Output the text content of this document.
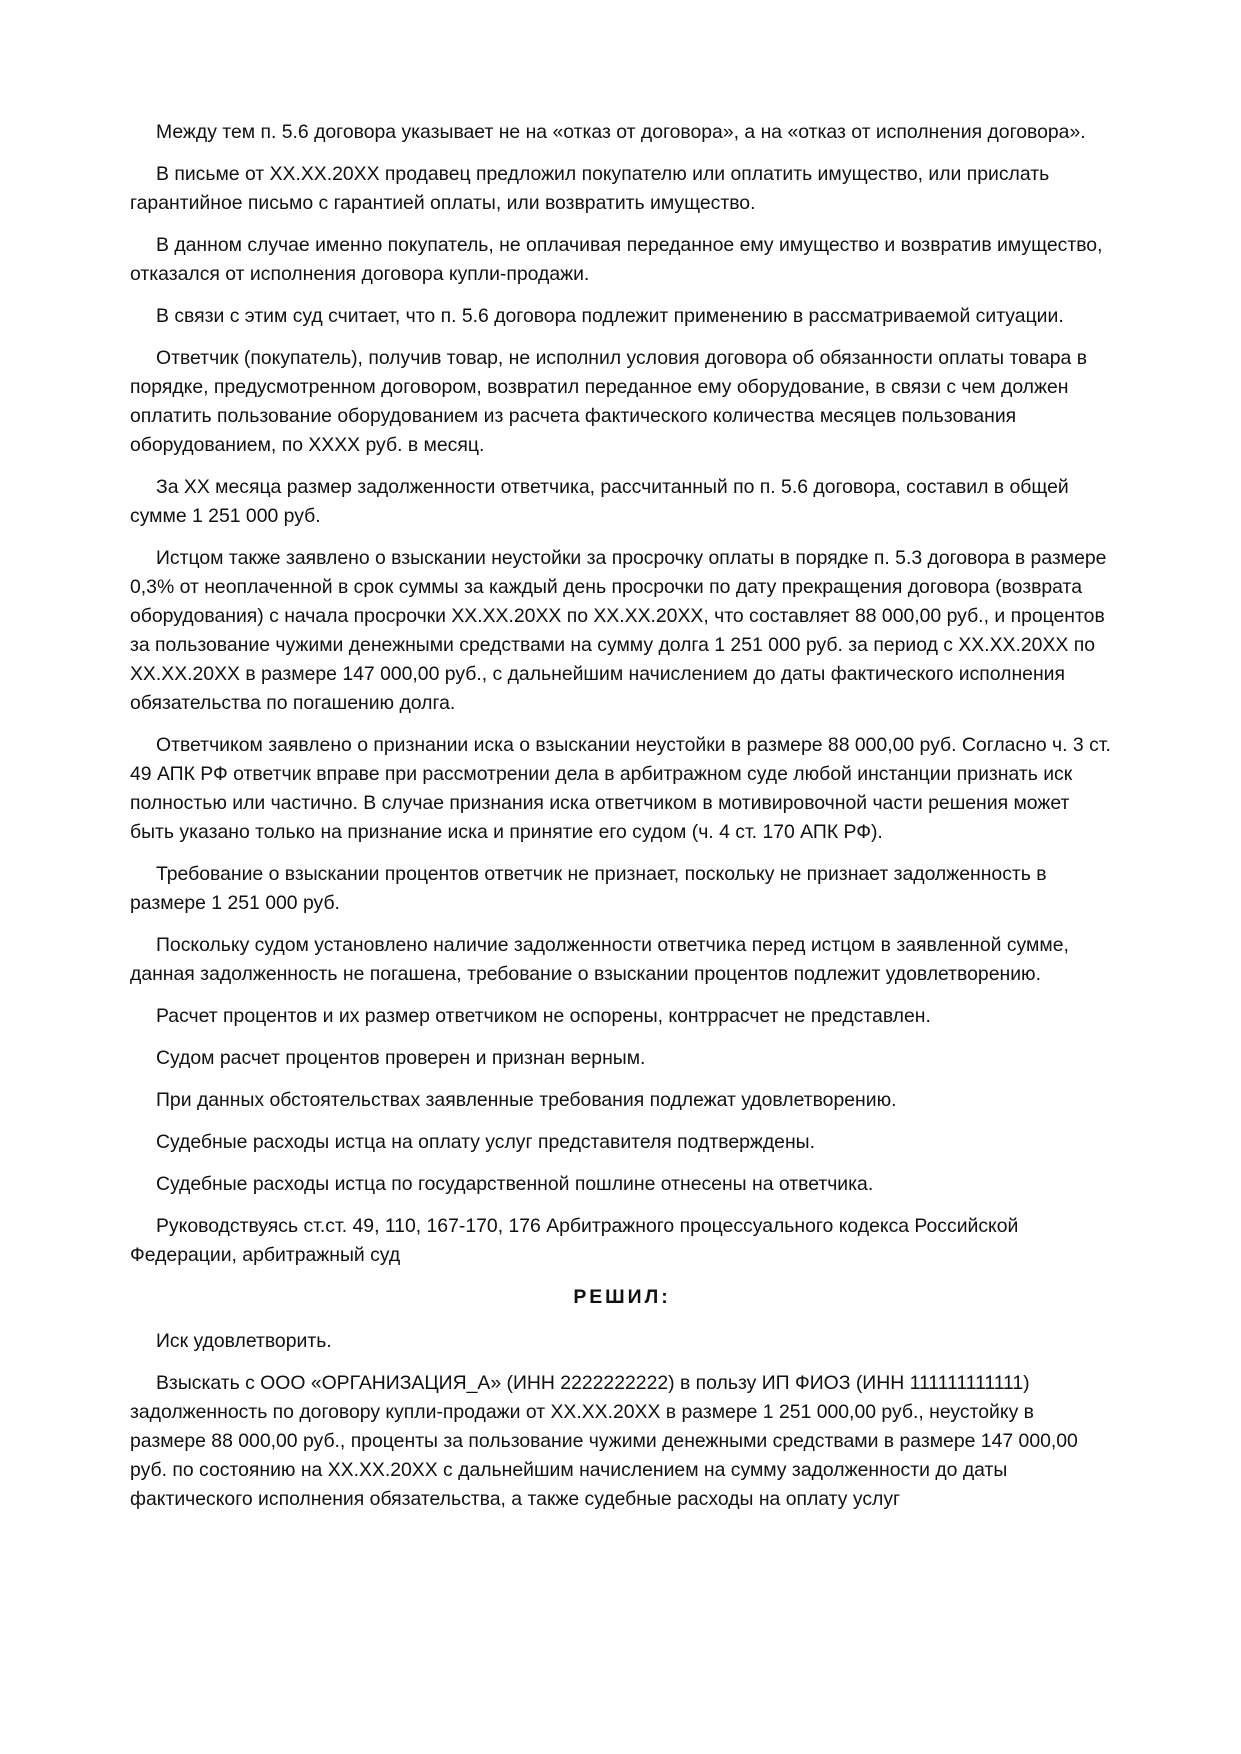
Между тем п. 5.6 договора указывает не на «отказ от договора», а на «отказ от исполнения договора».

В письме от ХХ.ХХ.20ХХ продавец предложил покупателю или оплатить имущество, или прислать гарантийное письмо с гарантией оплаты, или возвратить имущество.

В данном случае именно покупатель, не оплачивая переданное ему имущество и возвратив имущество, отказался от исполнения договора купли-продажи.

В связи с этим суд считает, что п. 5.6 договора подлежит применению в рассматриваемой ситуации.

Ответчик (покупатель), получив товар, не исполнил условия договора об обязанности оплаты товара в порядке, предусмотренном договором, возвратил переданное ему оборудование, в связи с чем должен оплатить пользование оборудованием из расчета фактического количества месяцев пользования оборудованием, по ХХХХ руб. в месяц.

За ХХ месяца размер задолженности ответчика, рассчитанный по п. 5.6 договора, составил в общей сумме 1 251 000 руб.

Истцом также заявлено о взыскании неустойки за просрочку оплаты в порядке п. 5.3 договора в размере 0,3% от неоплаченной в срок суммы за каждый день просрочки по дату прекращения договора (возврата оборудования) с начала просрочки ХХ.ХХ.20ХХ по ХХ.ХХ.20ХХ, что составляет 88 000,00 руб., и процентов за пользование чужими денежными средствами на сумму долга 1 251 000 руб. за период с ХХ.ХХ.20ХХ по ХХ.ХХ.20ХХ в размере 147 000,00 руб., с дальнейшим начислением до даты фактического исполнения обязательства по погашению долга.

Ответчиком заявлено о признании иска о взыскании неустойки в размере 88 000,00 руб. Согласно ч. 3 ст. 49 АПК РФ ответчик вправе при рассмотрении дела в арбитражном суде любой инстанции признать иск полностью или частично. В случае признания иска ответчиком в мотивировочной части решения может быть указано только на признание иска и принятие его судом (ч. 4 ст. 170 АПК РФ).

Требование о взыскании процентов ответчик не признает, поскольку не признает задолженность в размере 1 251 000 руб.

Поскольку судом установлено наличие задолженности ответчика перед истцом в заявленной сумме, данная задолженность не погашена, требование о взыскании процентов подлежит удовлетворению.

Расчет процентов и их размер ответчиком не оспорены, контррасчет не представлен.

Судом расчет процентов проверен и признан верным.

При данных обстоятельствах заявленные требования подлежат удовлетворению.

Судебные расходы истца на оплату услуг представителя подтверждены.

Судебные расходы истца по государственной пошлине отнесены на ответчика.

Руководствуясь ст.ст. 49, 110, 167-170, 176 Арбитражного процессуального кодекса Российской Федерации, арбитражный суд

РЕШИЛ:

Иск удовлетворить.

Взыскать с ООО «ОРГАНИЗАЦИЯ_А» (ИНН 2222222222) в пользу ИП ФИОЗ (ИНН 111111111111) задолженность по договору купли-продажи от ХХ.ХХ.20ХХ в размере 1 251 000,00 руб., неустойку в размере 88 000,00 руб., проценты за пользование чужими денежными средствами в размере 147 000,00 руб. по состоянию на ХХ.ХХ.20ХХ с дальнейшим начислением на сумму задолженности до даты фактического исполнения обязательства, а также судебные расходы на оплату услуг
